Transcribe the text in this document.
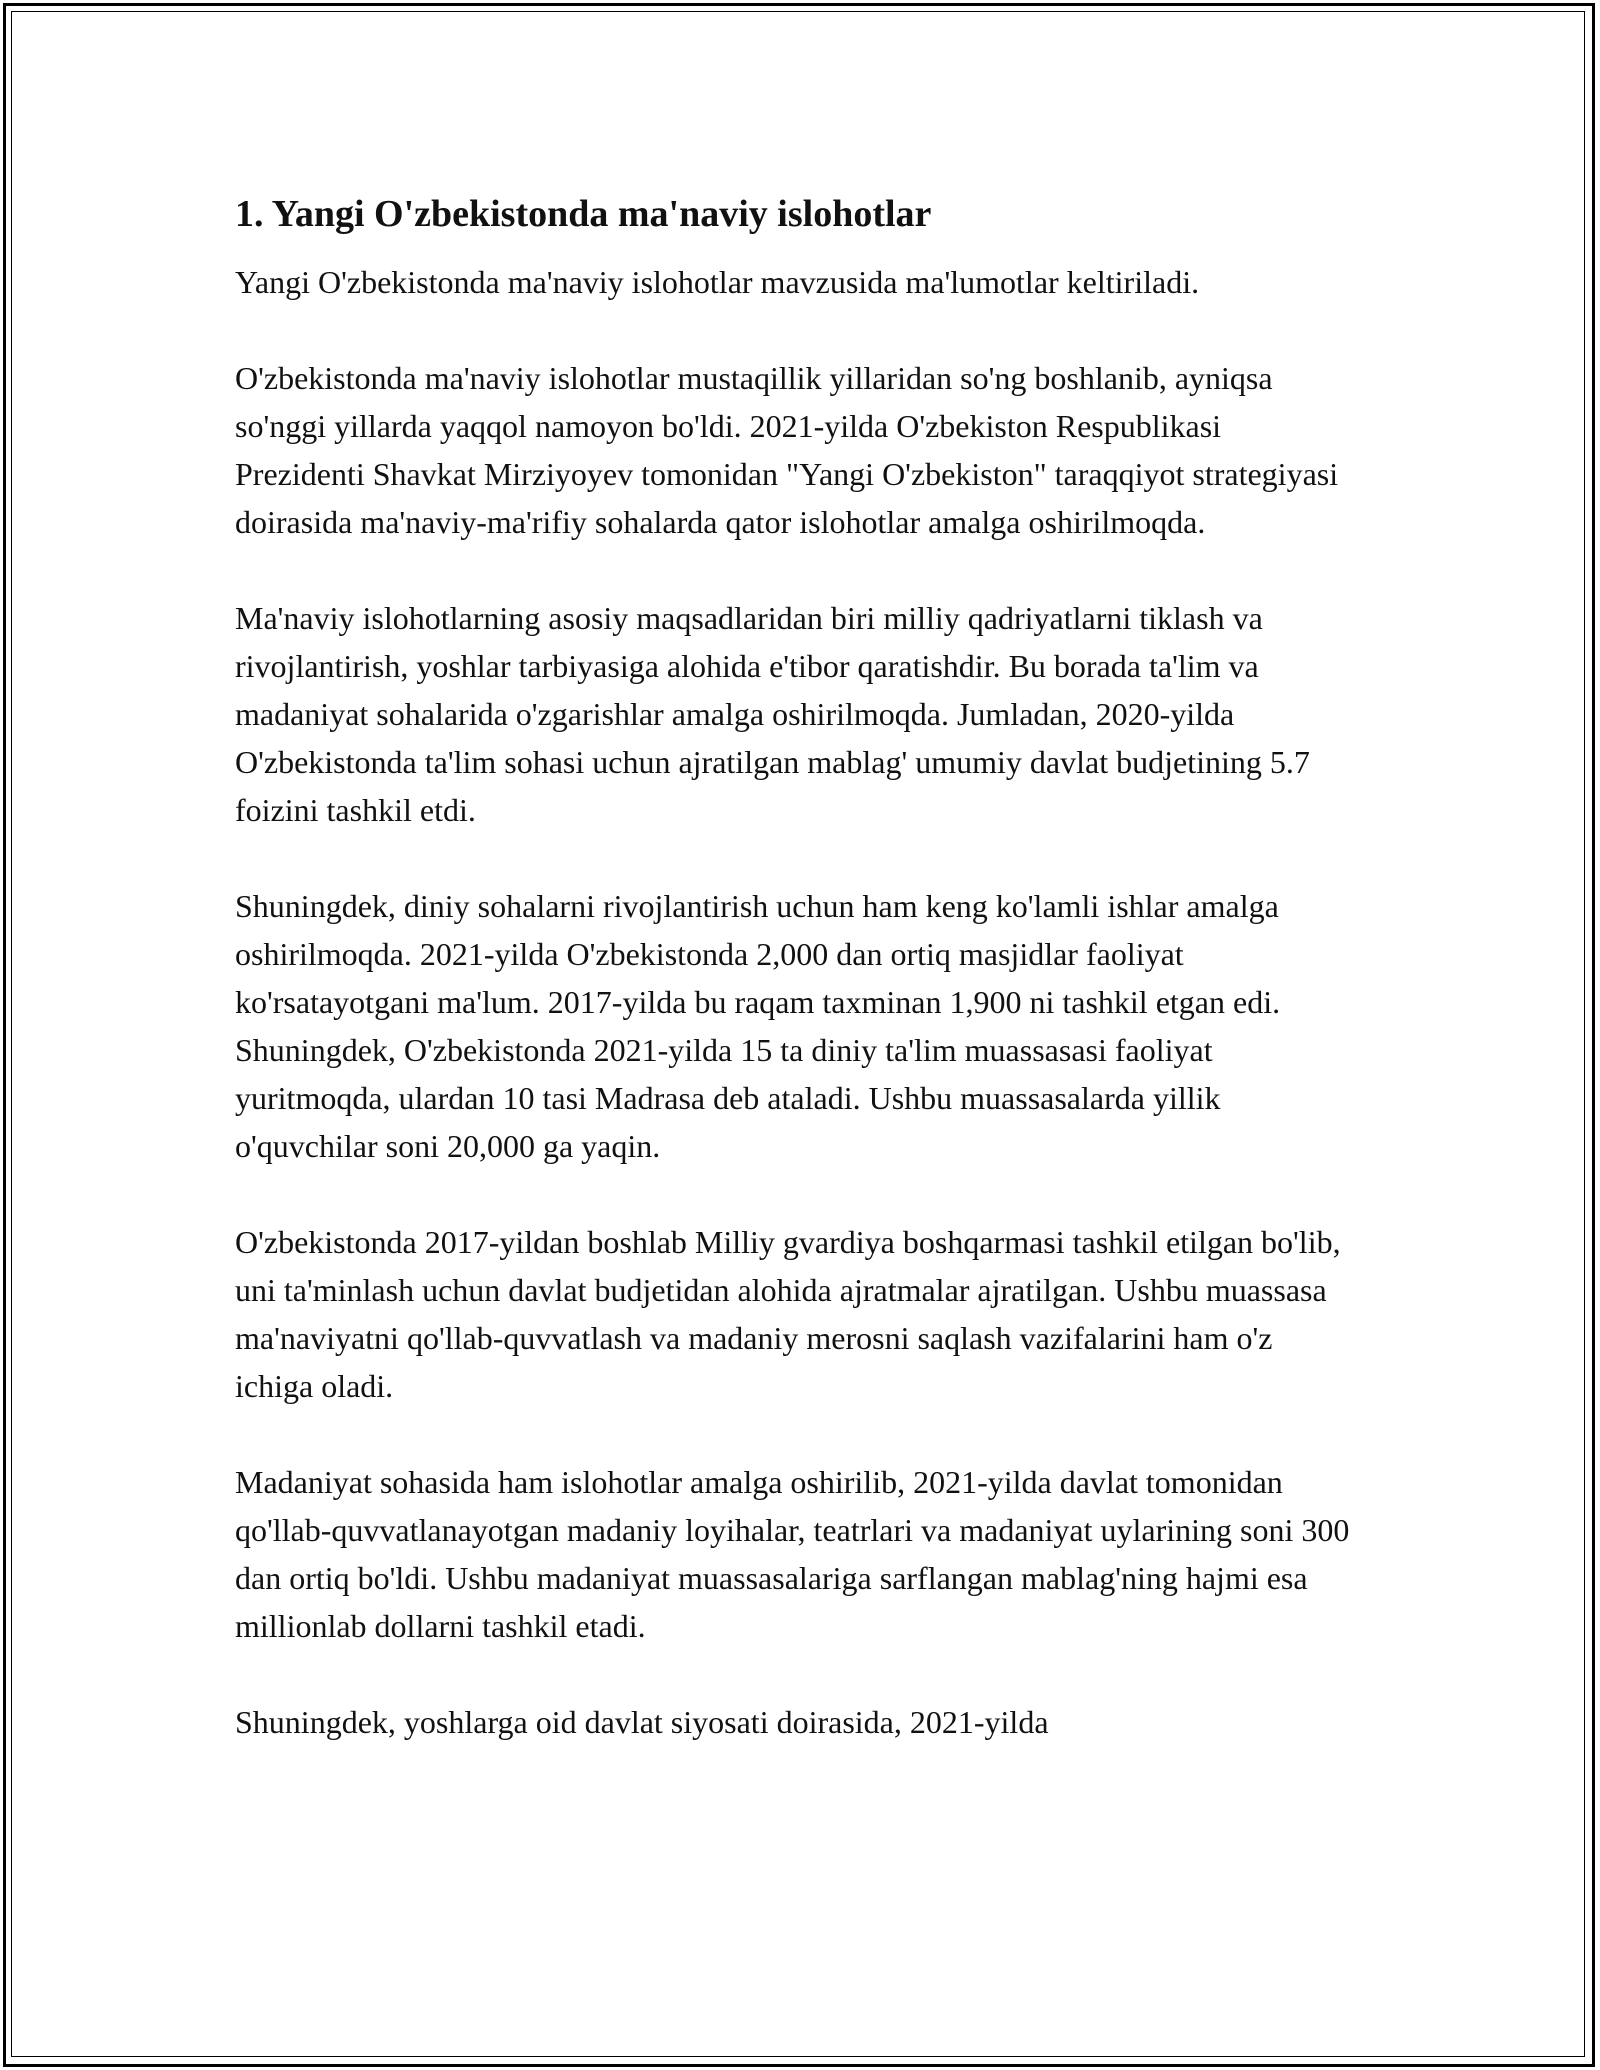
1. Yangi O'zbekistonda ma'naviy islohotlar

Yangi O'zbekistonda ma'naviy islohotlar mavzusida ma'lumotlar keltiriladi.

O'zbekistonda ma'naviy islohotlar mustaqillik yillaridan so'ng boshlanib, ayniqsa so'nggi yillarda yaqqol namoyon bo'ldi. 2021-yilda O'zbekiston Respublikasi Prezidenti Shavkat Mirziyoyev tomonidan "Yangi O'zbekiston" taraqqiyot strategiyasi doirasida ma'naviy-ma'rifiy sohalarda qator islohotlar amalga oshirilmoqda.

Ma'naviy islohotlarning asosiy maqsadlaridan biri milliy qadriyatlarni tiklash va rivojlantirish, yoshlar tarbiyasiga alohida e'tibor qaratishdir. Bu borada ta'lim va madaniyat sohalarida o'zgarishlar amalga oshirilmoqda. Jumladan, 2020-yilda O'zbekistonda ta'lim sohasi uchun ajratilgan mablag' umumiy davlat budjetining 5.7 foizini tashkil etdi.

Shuningdek, diniy sohalarni rivojlantirish uchun ham keng ko'lamli ishlar amalga oshirilmoqda. 2021-yilda O'zbekistonda 2,000 dan ortiq masjidlar faoliyat ko'rsatayotgani ma'lum. 2017-yilda bu raqam taxminan 1,900 ni tashkil etgan edi. Shuningdek, O'zbekistonda 2021-yilda 15 ta diniy ta'lim muassasasi faoliyat yuritmoqda, ulardan 10 tasi Madrasa deb ataladi. Ushbu muassasalarda yillik o'quvchilar soni 20,000 ga yaqin.

O'zbekistonda 2017-yildan boshlab Milliy gvardiya boshqarmasi tashkil etilgan bo'lib, uni ta'minlash uchun davlat budjetidan alohida ajratmalar ajratilgan. Ushbu muassasa ma'naviyatni qo'llab-quvvatlash va madaniy merosni saqlash vazifalarini ham o'z ichiga oladi.

Madaniyat sohasida ham islohotlar amalga oshirilib, 2021-yilda davlat tomonidan qo'llab-quvvatlanayotgan madaniy loyihalar, teatrlari va madaniyat uylarining soni 300 dan ortiq bo'ldi. Ushbu madaniyat muassasalariga sarflangan mablag'ning hajmi esa millionlab dollarni tashkil etadi.

Shuningdek, yoshlarga oid davlat siyosati doirasida, 2021-yilda
